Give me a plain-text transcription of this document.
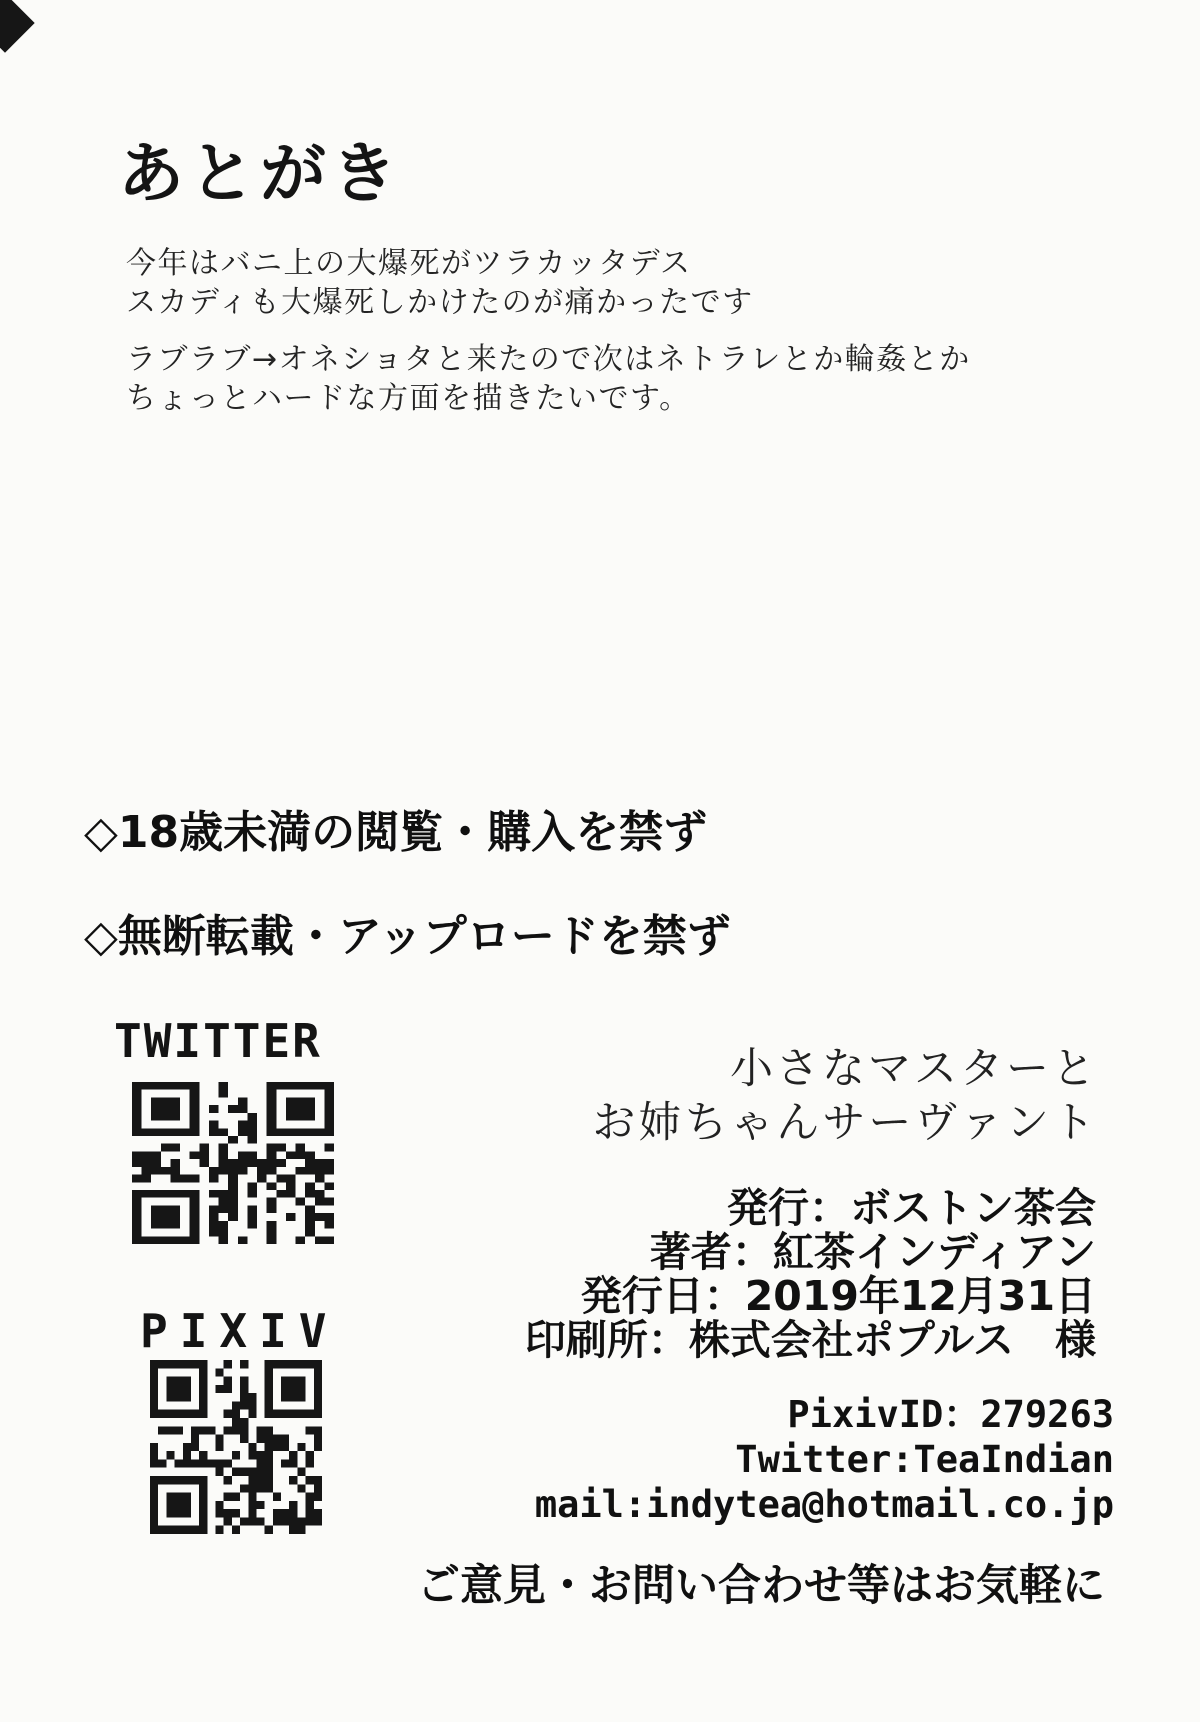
あとがき
今年はバニ上の大爆死がツラカッタデス
スカディも大爆死しかけたのが痛かったです
ラブラブ→オネショタと来たので次はネトラレとか輪姦とか
ちょっとハードな方面を描きたいです。
◇18歳未満の閲覧・購入を禁ず
◇無断転載・アップロードを禁ず
TWITTER
小さなマスターと
お姉ちゃんサーヴァント
発行：ボストン茶会
著者：紅茶インディアン
発行日：2019年12月31日
印刷所：株式会社ポプルス　様
PIXIV
PixivID：279263
Twitter:TeaIndian
mail:indytea@hotmail.co.jp
ご意見・お問い合わせ等はお気軽に
